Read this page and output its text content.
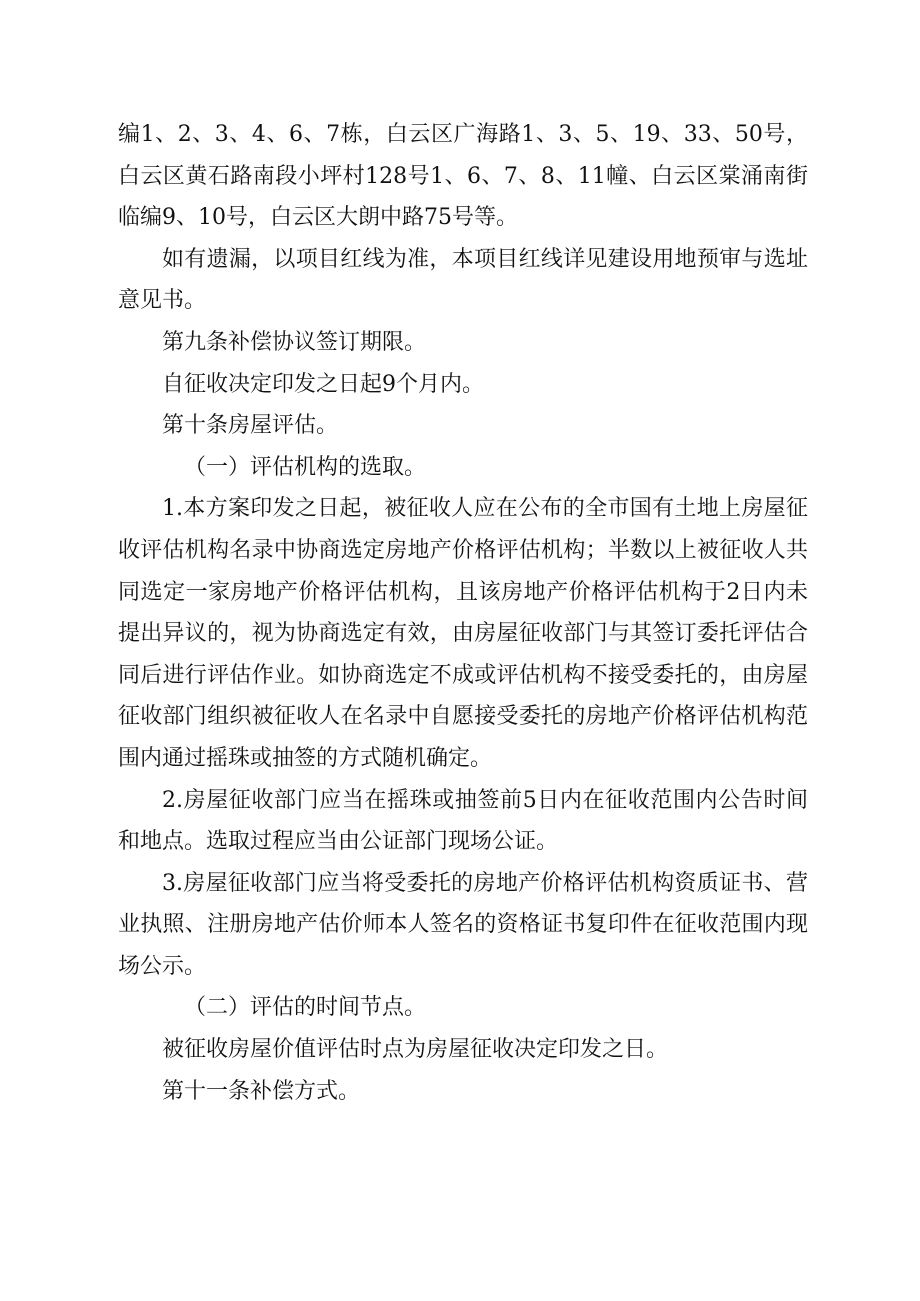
编1、2、3、4、6、7栋，白云区广海路1、3、5、19、33、50号，白云区黄石路南段小坪村128号1、6、7、8、11幢、白云区棠涌南街临编9、10号，白云区大朗中路75号等。

如有遗漏，以项目红线为准，本项目红线详见建设用地预审与选址意见书。

第九条补偿协议签订期限。

自征收决定印发之日起9个月内。

第十条房屋评估。

（一）评估机构的选取。

1.本方案印发之日起，被征收人应在公布的全市国有土地上房屋征收评估机构名录中协商选定房地产价格评估机构；半数以上被征收人共同选定一家房地产价格评估机构，且该房地产价格评估机构于2日内未提出异议的，视为协商选定有效，由房屋征收部门与其签订委托评估合同后进行评估作业。如协商选定不成或评估机构不接受委托的，由房屋征收部门组织被征收人在名录中自愿接受委托的房地产价格评估机构范围内通过摇珠或抽签的方式随机确定。

2.房屋征收部门应当在摇珠或抽签前5日内在征收范围内公告时间和地点。选取过程应当由公证部门现场公证。

3.房屋征收部门应当将受委托的房地产价格评估机构资质证书、营业执照、注册房地产估价师本人签名的资格证书复印件在征收范围内现场公示。

（二）评估的时间节点。

被征收房屋价值评估时点为房屋征收决定印发之日。

第十一条补偿方式。
